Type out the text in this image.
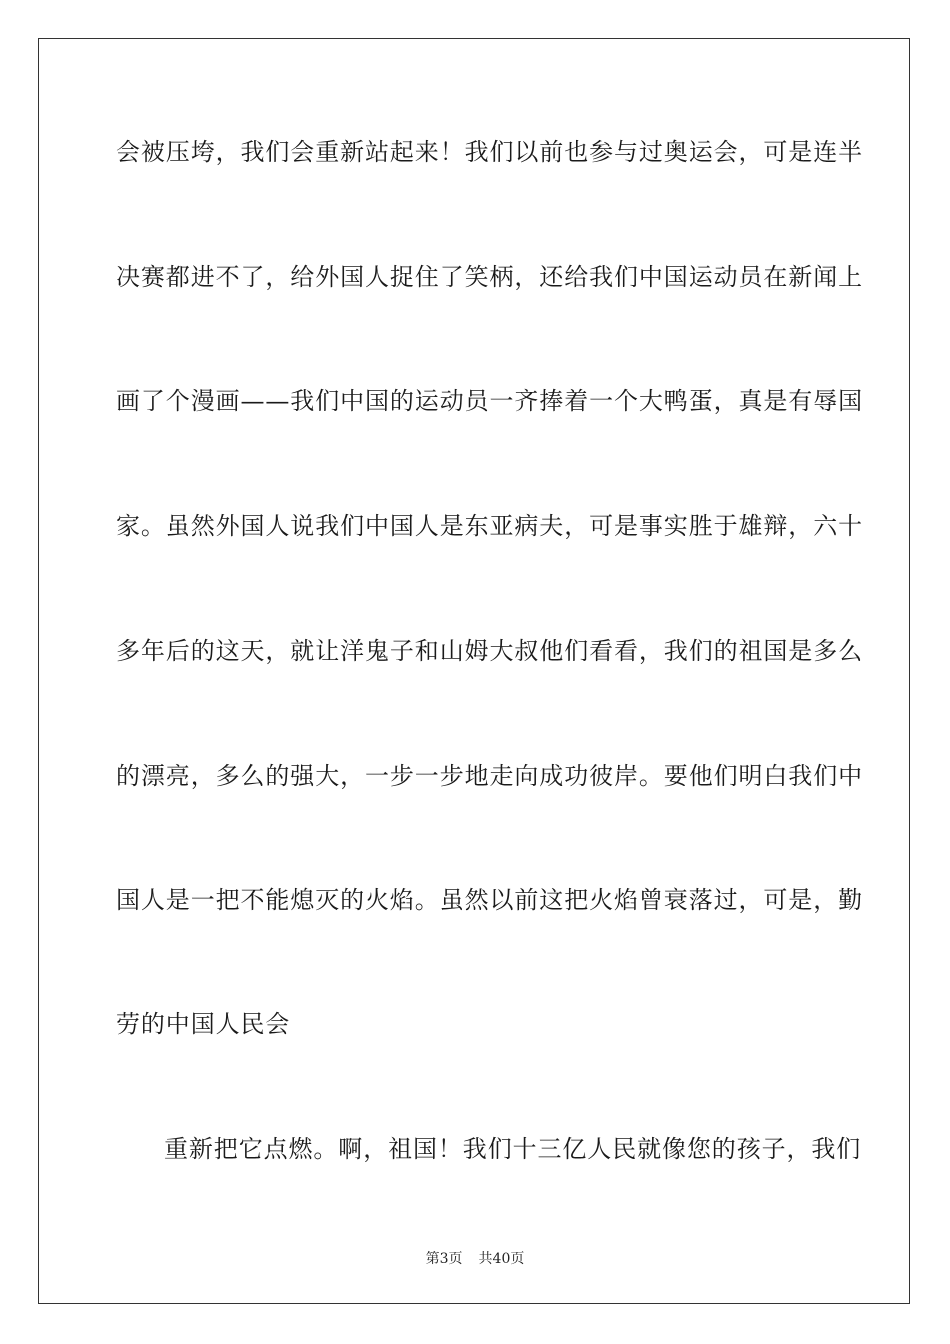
会被压垮，我们会重新站起来！我们以前也参与过奥运会，可是连半
决赛都进不了，给外国人捉住了笑柄，还给我们中国运动员在新闻上
画了个漫画——我们中国的运动员一齐捧着一个大鸭蛋，真是有辱国
家。虽然外国人说我们中国人是东亚病夫，可是事实胜于雄辩，六十
多年后的这天，就让洋鬼子和山姆大叔他们看看，我们的祖国是多么
的漂亮，多么的强大，一步一步地走向成功彼岸。要他们明白我们中
国人是一把不能熄灭的火焰。虽然以前这把火焰曾衰落过，可是，勤
劳的中国人民会
重新把它点燃。啊，祖国！我们十三亿人民就像您的孩子，我们
第3页 共40页
